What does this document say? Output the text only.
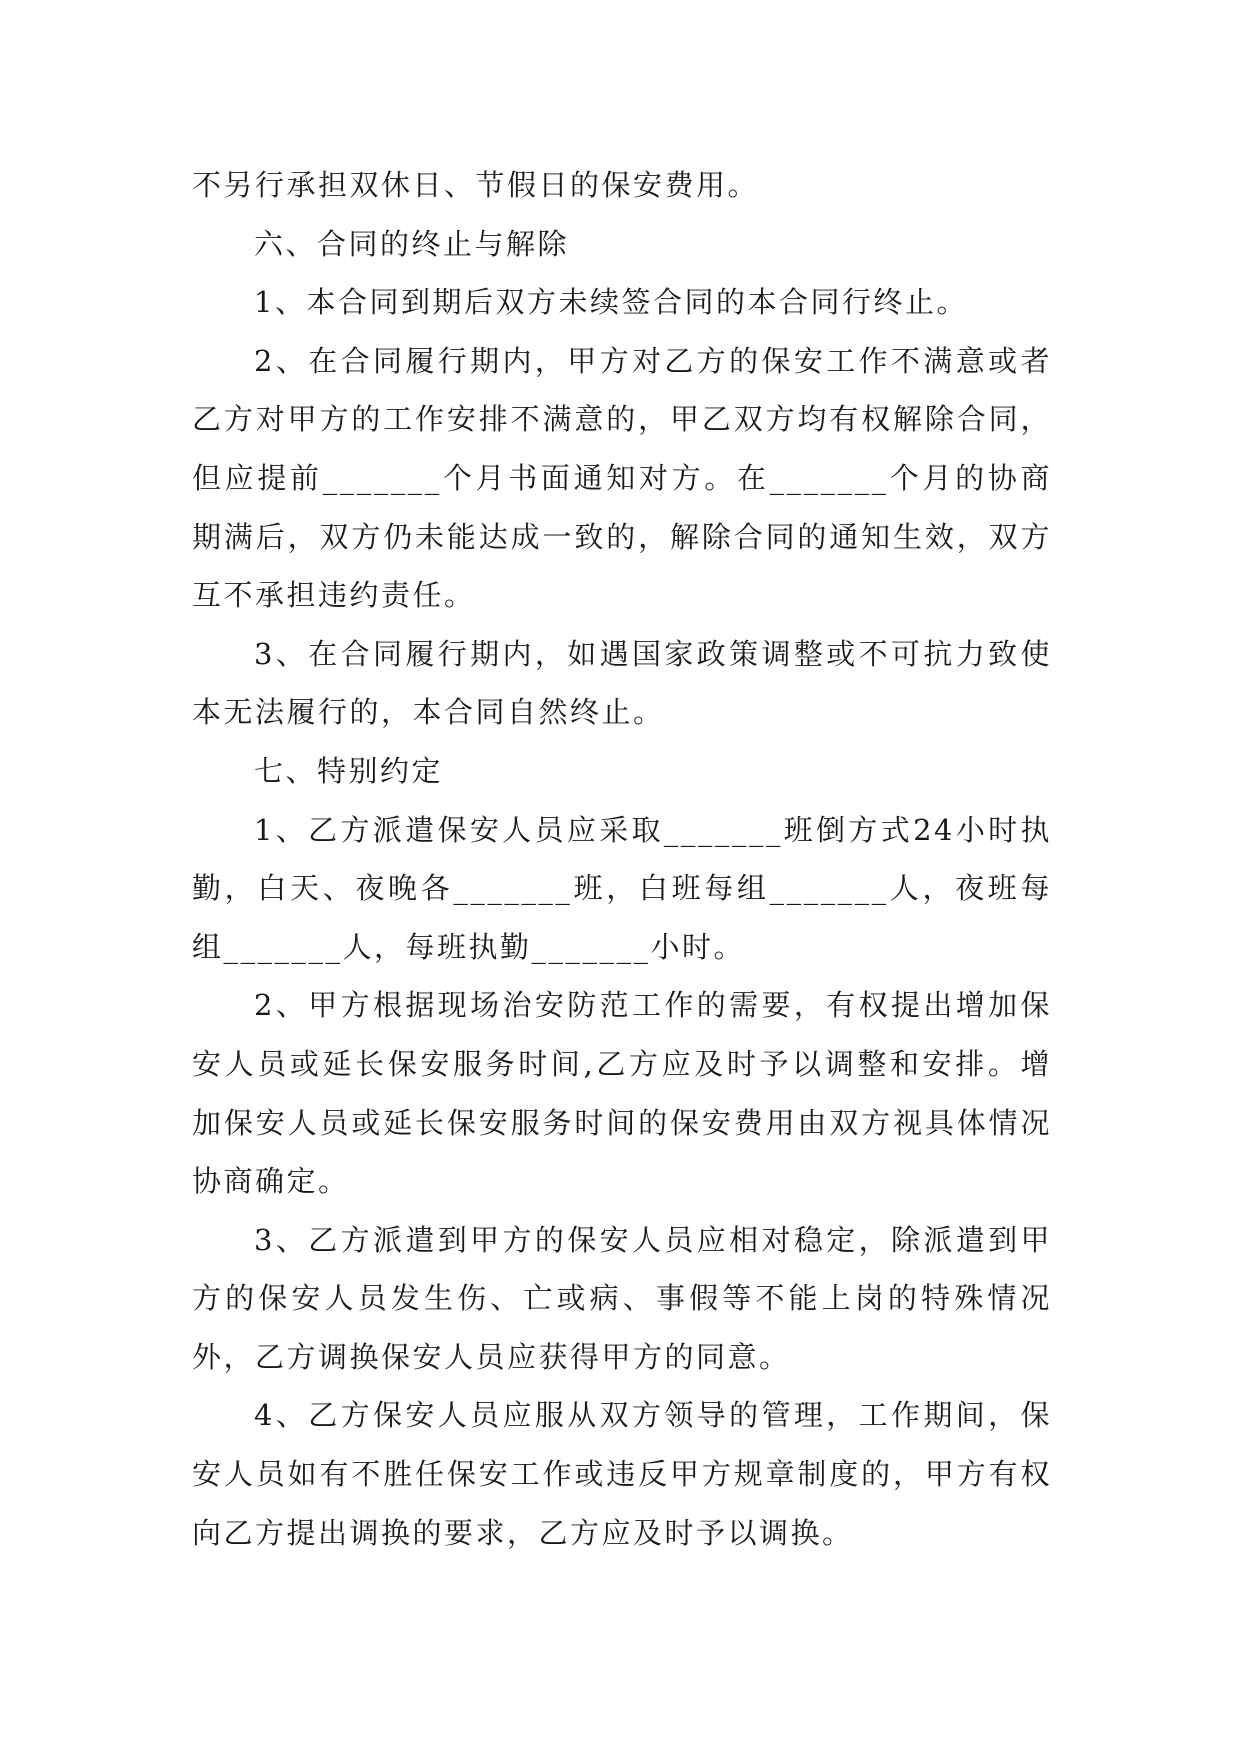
不另行承担双休日、节假日的保安费用。

六、合同的终止与解除

1、本合同到期后双方未续签合同的本合同行终止。

2、在合同履行期内，甲方对乙方的保安工作不满意或者乙方对甲方的工作安排不满意的，甲乙双方均有权解除合同，但应提前_______个月书面通知对方。在_______个月的协商期满后，双方仍未能达成一致的，解除合同的通知生效，双方互不承担违约责任。

3、在合同履行期内，如遇国家政策调整或不可抗力致使本无法履行的，本合同自然终止。

七、特别约定

1、乙方派遣保安人员应采取_______班倒方式24小时执勤，白天、夜晚各_______班，白班每组_______人，夜班每组_______人，每班执勤_______小时。

2、甲方根据现场治安防范工作的需要，有权提出增加保安人员或延长保安服务时间,乙方应及时予以调整和安排。增加保安人员或延长保安服务时间的保安费用由双方视具体情况协商确定。

3、乙方派遣到甲方的保安人员应相对稳定，除派遣到甲方的保安人员发生伤、亡或病、事假等不能上岗的特殊情况外，乙方调换保安人员应获得甲方的同意。

4、乙方保安人员应服从双方领导的管理，工作期间，保安人员如有不胜任保安工作或违反甲方规章制度的，甲方有权向乙方提出调换的要求，乙方应及时予以调换。
